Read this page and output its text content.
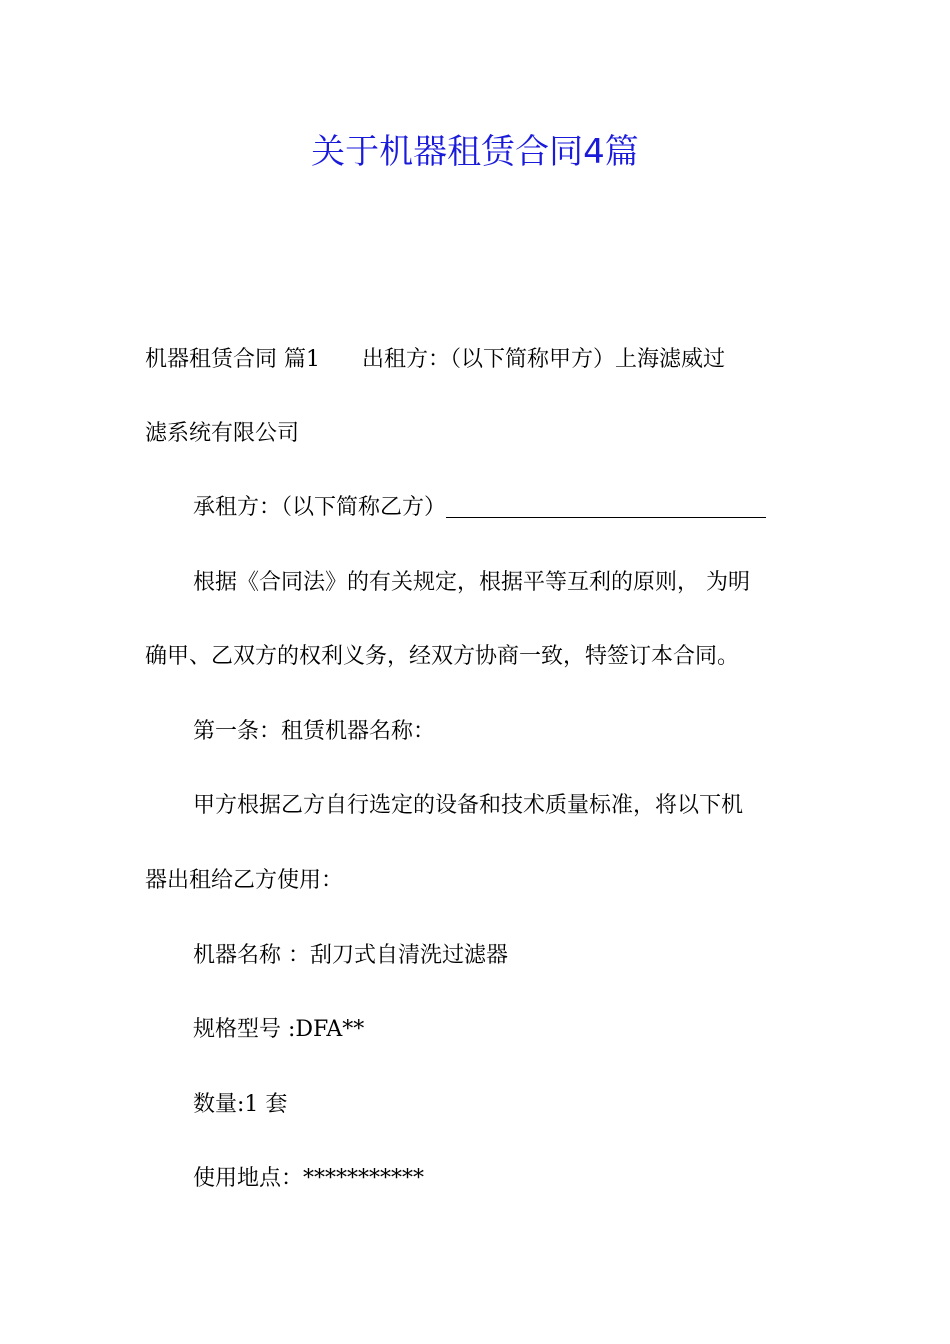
关于机器租赁合同4篇

机器租赁合同 篇1 出租方：（以下简称甲方）上海滤威过

滤系统有限公司

承租方：（以下简称乙方）

根据《合同法》的有关规定，根据平等互利的原则， 为明

确甲、乙双方的权利义务，经双方协商一致，特签订本合同。

第一条：租赁机器名称：

甲方根据乙方自行选定的设备和技术质量标准，将以下机

器出租给乙方使用：

机器名称 ：刮刀式自清洗过滤器

规格型号 :DFA**

数量:1 套

使用地点：***********
